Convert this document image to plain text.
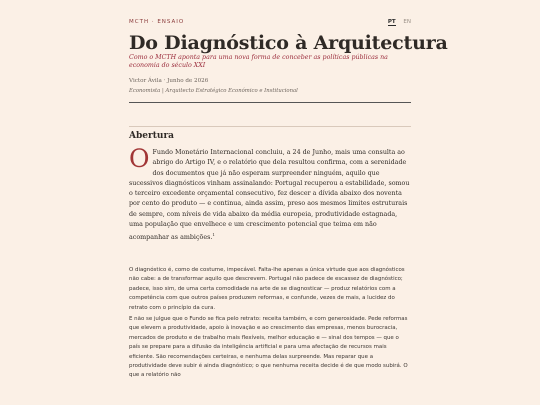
MCTH · ENSAIO	PT EN
Do Diagnóstico à Arquitectura
Como o MCTH aponta para uma nova forma de conceber as políticas públicas na economia do século XXI
Victor Ávila · Junho de 2026
Economista | Arquitecto Estratégico Económico e Institucional
Abertura

O Fundo Monetário Internacional concluiu, a 24 de Junho, mais uma consulta ao abrigo do Artigo IV, e o relatório que dela resultou confirma, com a serenidade dos documentos que já não esperam surpreender ninguém, aquilo que sucessivos diagnósticos vinham assinalando: Portugal recuperou a estabilidade, somou o terceiro excedente orçamental consecutivo, fez descer a dívida abaixo dos noventa por cento do produto — e continua, ainda assim, preso aos mesmos limites estruturais de sempre, com níveis de vida abaixo da média europeia, produtividade estagnada, uma população que envelhece e um crescimento potencial que teima em não acompanhar as ambições.$^1$

O diagnóstico é, como de costume, impecável. Falta-lhe apenas a única virtude que aos diagnósticos não cabe: a de transformar aquilo que descrevem. Portugal não padece de escassez de diagnóstico; padece, isso sim, de uma certa comodidade na arte de se diagnosticar — produz relatórios com a competência com que outros países produzem reformas, e confunde, vezes de mais, a lucidez do retrato com o princípio da cura.

E não se julgue que o Fundo se fica pelo retrato: receita também, e com generosidade. Pede reformas que elevem a produtividade, apoio à inovação e ao crescimento das empresas, menos burocracia, mercados de produto e de trabalho mais flexíveis, melhor educação e — sinal dos tempos — que o país se prepare para a difusão da inteligência artificial e para uma afectação de recursos mais eficiente. São recomendações certeiras, e nenhuma delas surpreende. Mas reparar que a produtividade deve subir é ainda diagnóstico; o que nenhuma receita decide é de que modo subirá. O que a relatório não
